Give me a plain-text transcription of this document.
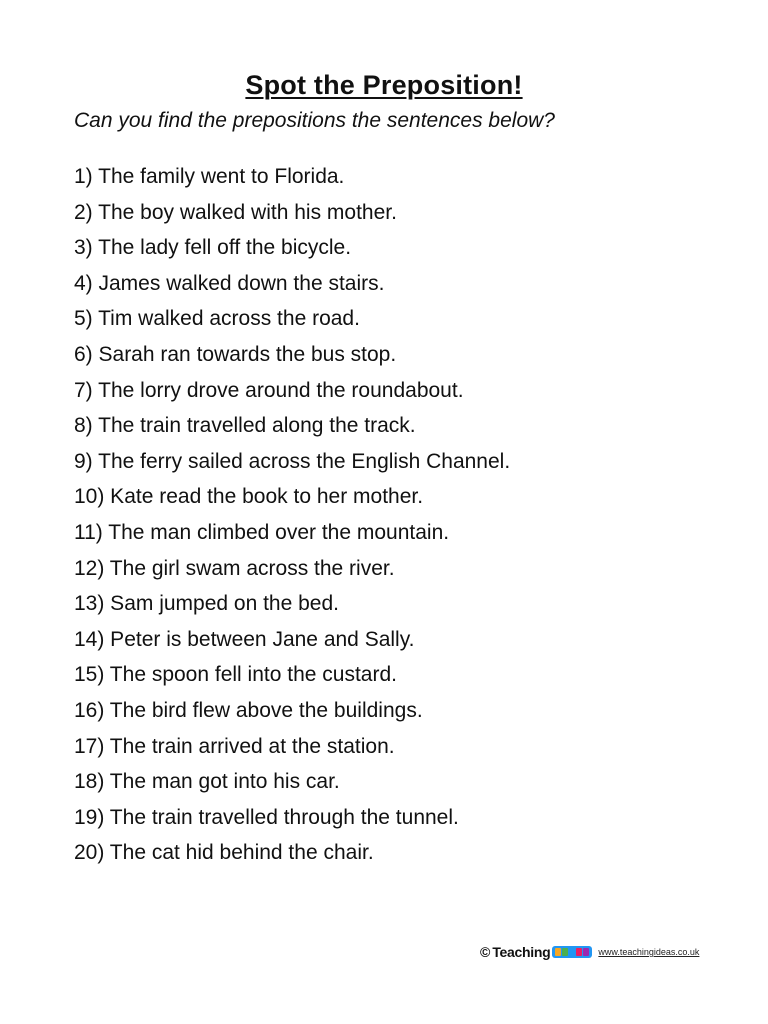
Spot the Preposition!

Can you find the prepositions the sentences below?

1) The family went to Florida.
2) The boy walked with his mother.
3) The lady fell off the bicycle.
4) James walked down the stairs.
5) Tim walked across the road.
6) Sarah ran towards the bus stop.
7) The lorry drove around the roundabout.
8) The train travelled along the track.
9) The ferry sailed across the English Channel.
10) Kate read the book to her mother.
11) The man climbed over the mountain.
12) The girl swam across the river.
13) Sam jumped on the bed.
14) Peter is between Jane and Sally.
15) The spoon fell into the custard.
16) The bird flew above the buildings.
17) The train arrived at the station.
18) The man got into his car.
19) The train travelled through the tunnel.
20) The cat hid behind the chair.
© Teaching	www.teachingideas.co.uk
